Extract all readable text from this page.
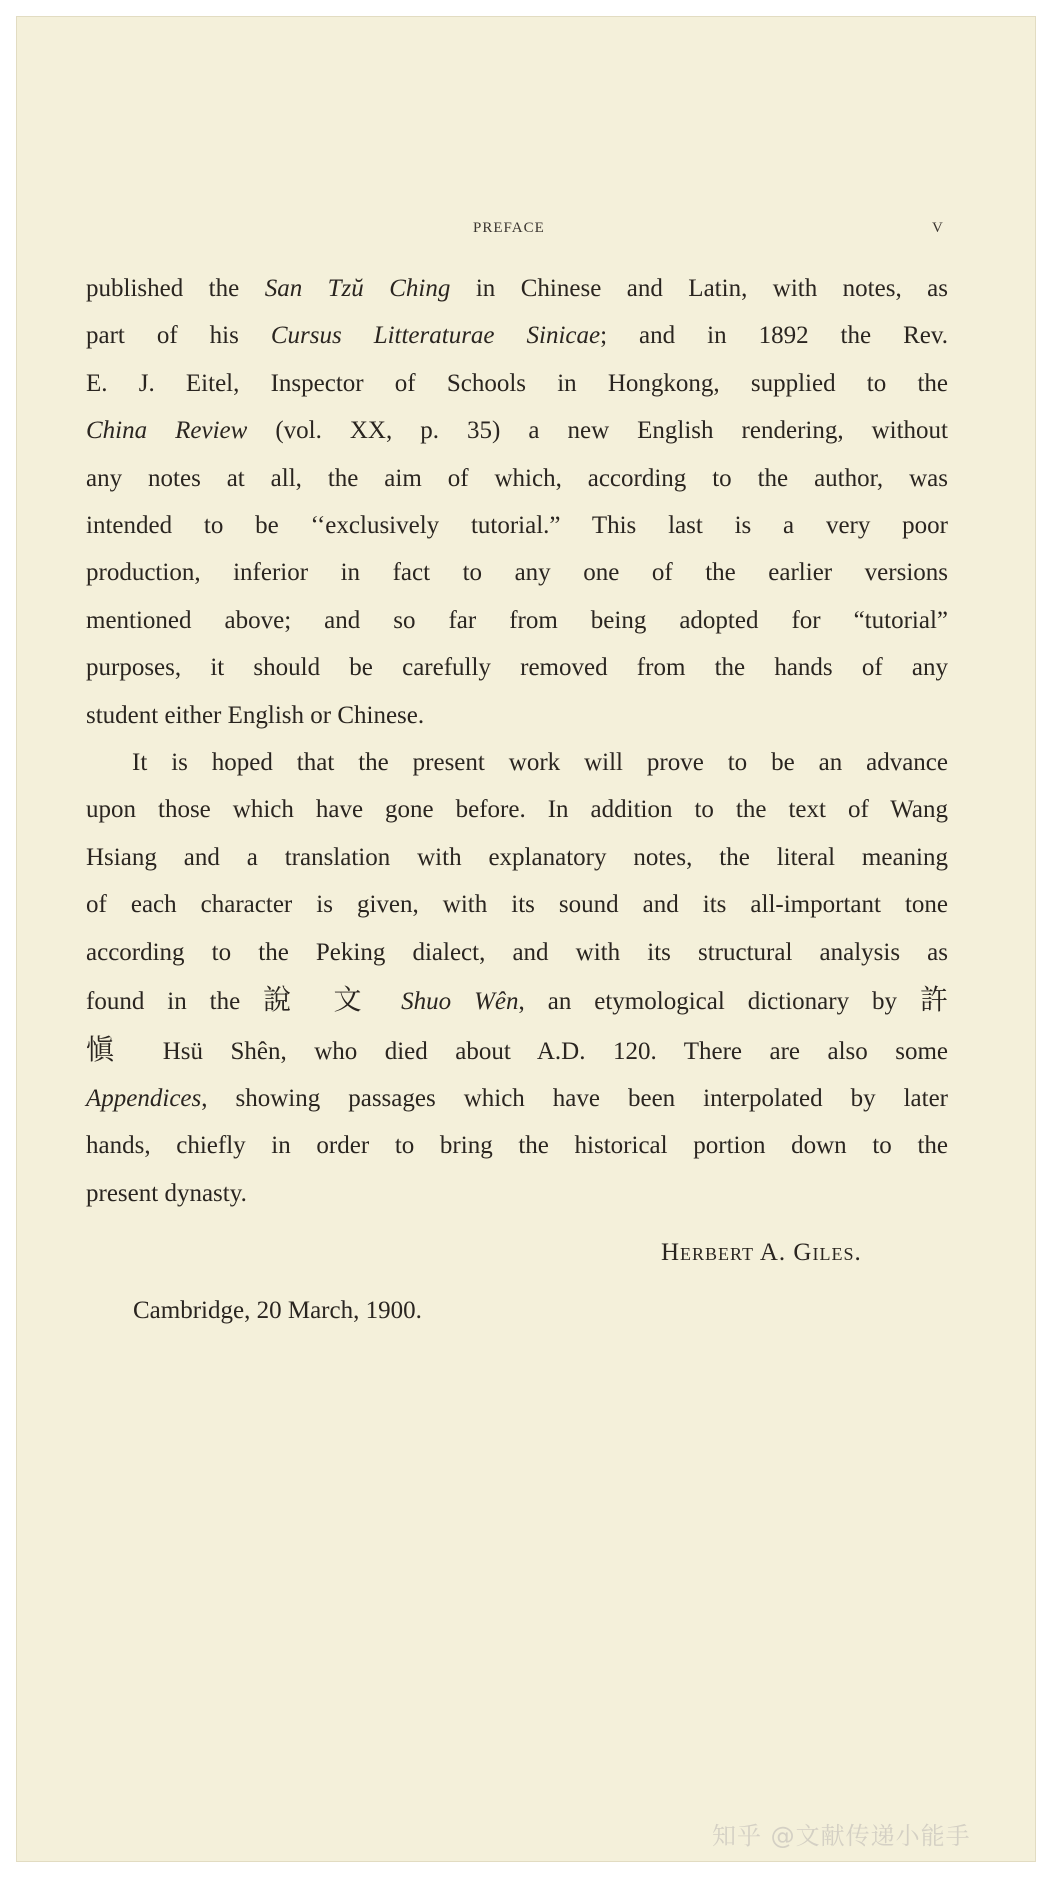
PREFACE	V
published the San Tzŭ Ching in Chinese and Latin, with notes, as
part of his Cursus Litteraturae Sinicae; and in 1892 the Rev.
E. J. Eitel, Inspector of Schools in Hongkong, supplied to the
China Review (vol. XX, p. 35) a new English rendering, without
any notes at all, the aim of which, according to the author, was
intended to be ‘‘exclusively tutorial.” This last is a very poor
production, inferior in fact to any one of the earlier versions
mentioned above; and so far from being adopted for “tutorial”
purposes, it should be carefully removed from the hands of any
student either English or Chinese.
It is hoped that the present work will prove to be an advance
upon those which have gone before. In addition to the text of Wang
Hsiang and a translation with explanatory notes, the literal meaning
of each character is given, with its sound and its all-important tone
according to the Peking dialect, and with its structural analysis as
found in the 說 文 Shuo Wên, an etymological dictionary by 許
愼 Hsü Shên, who died about A.D. 120. There are also some
Appendices, showing passages which have been interpolated by later
hands, chiefly in order to bring the historical portion down to the
present dynasty.
Herbert A. Giles.
Cambridge, 20 March, 1900.
知乎 @文献传递小能手
